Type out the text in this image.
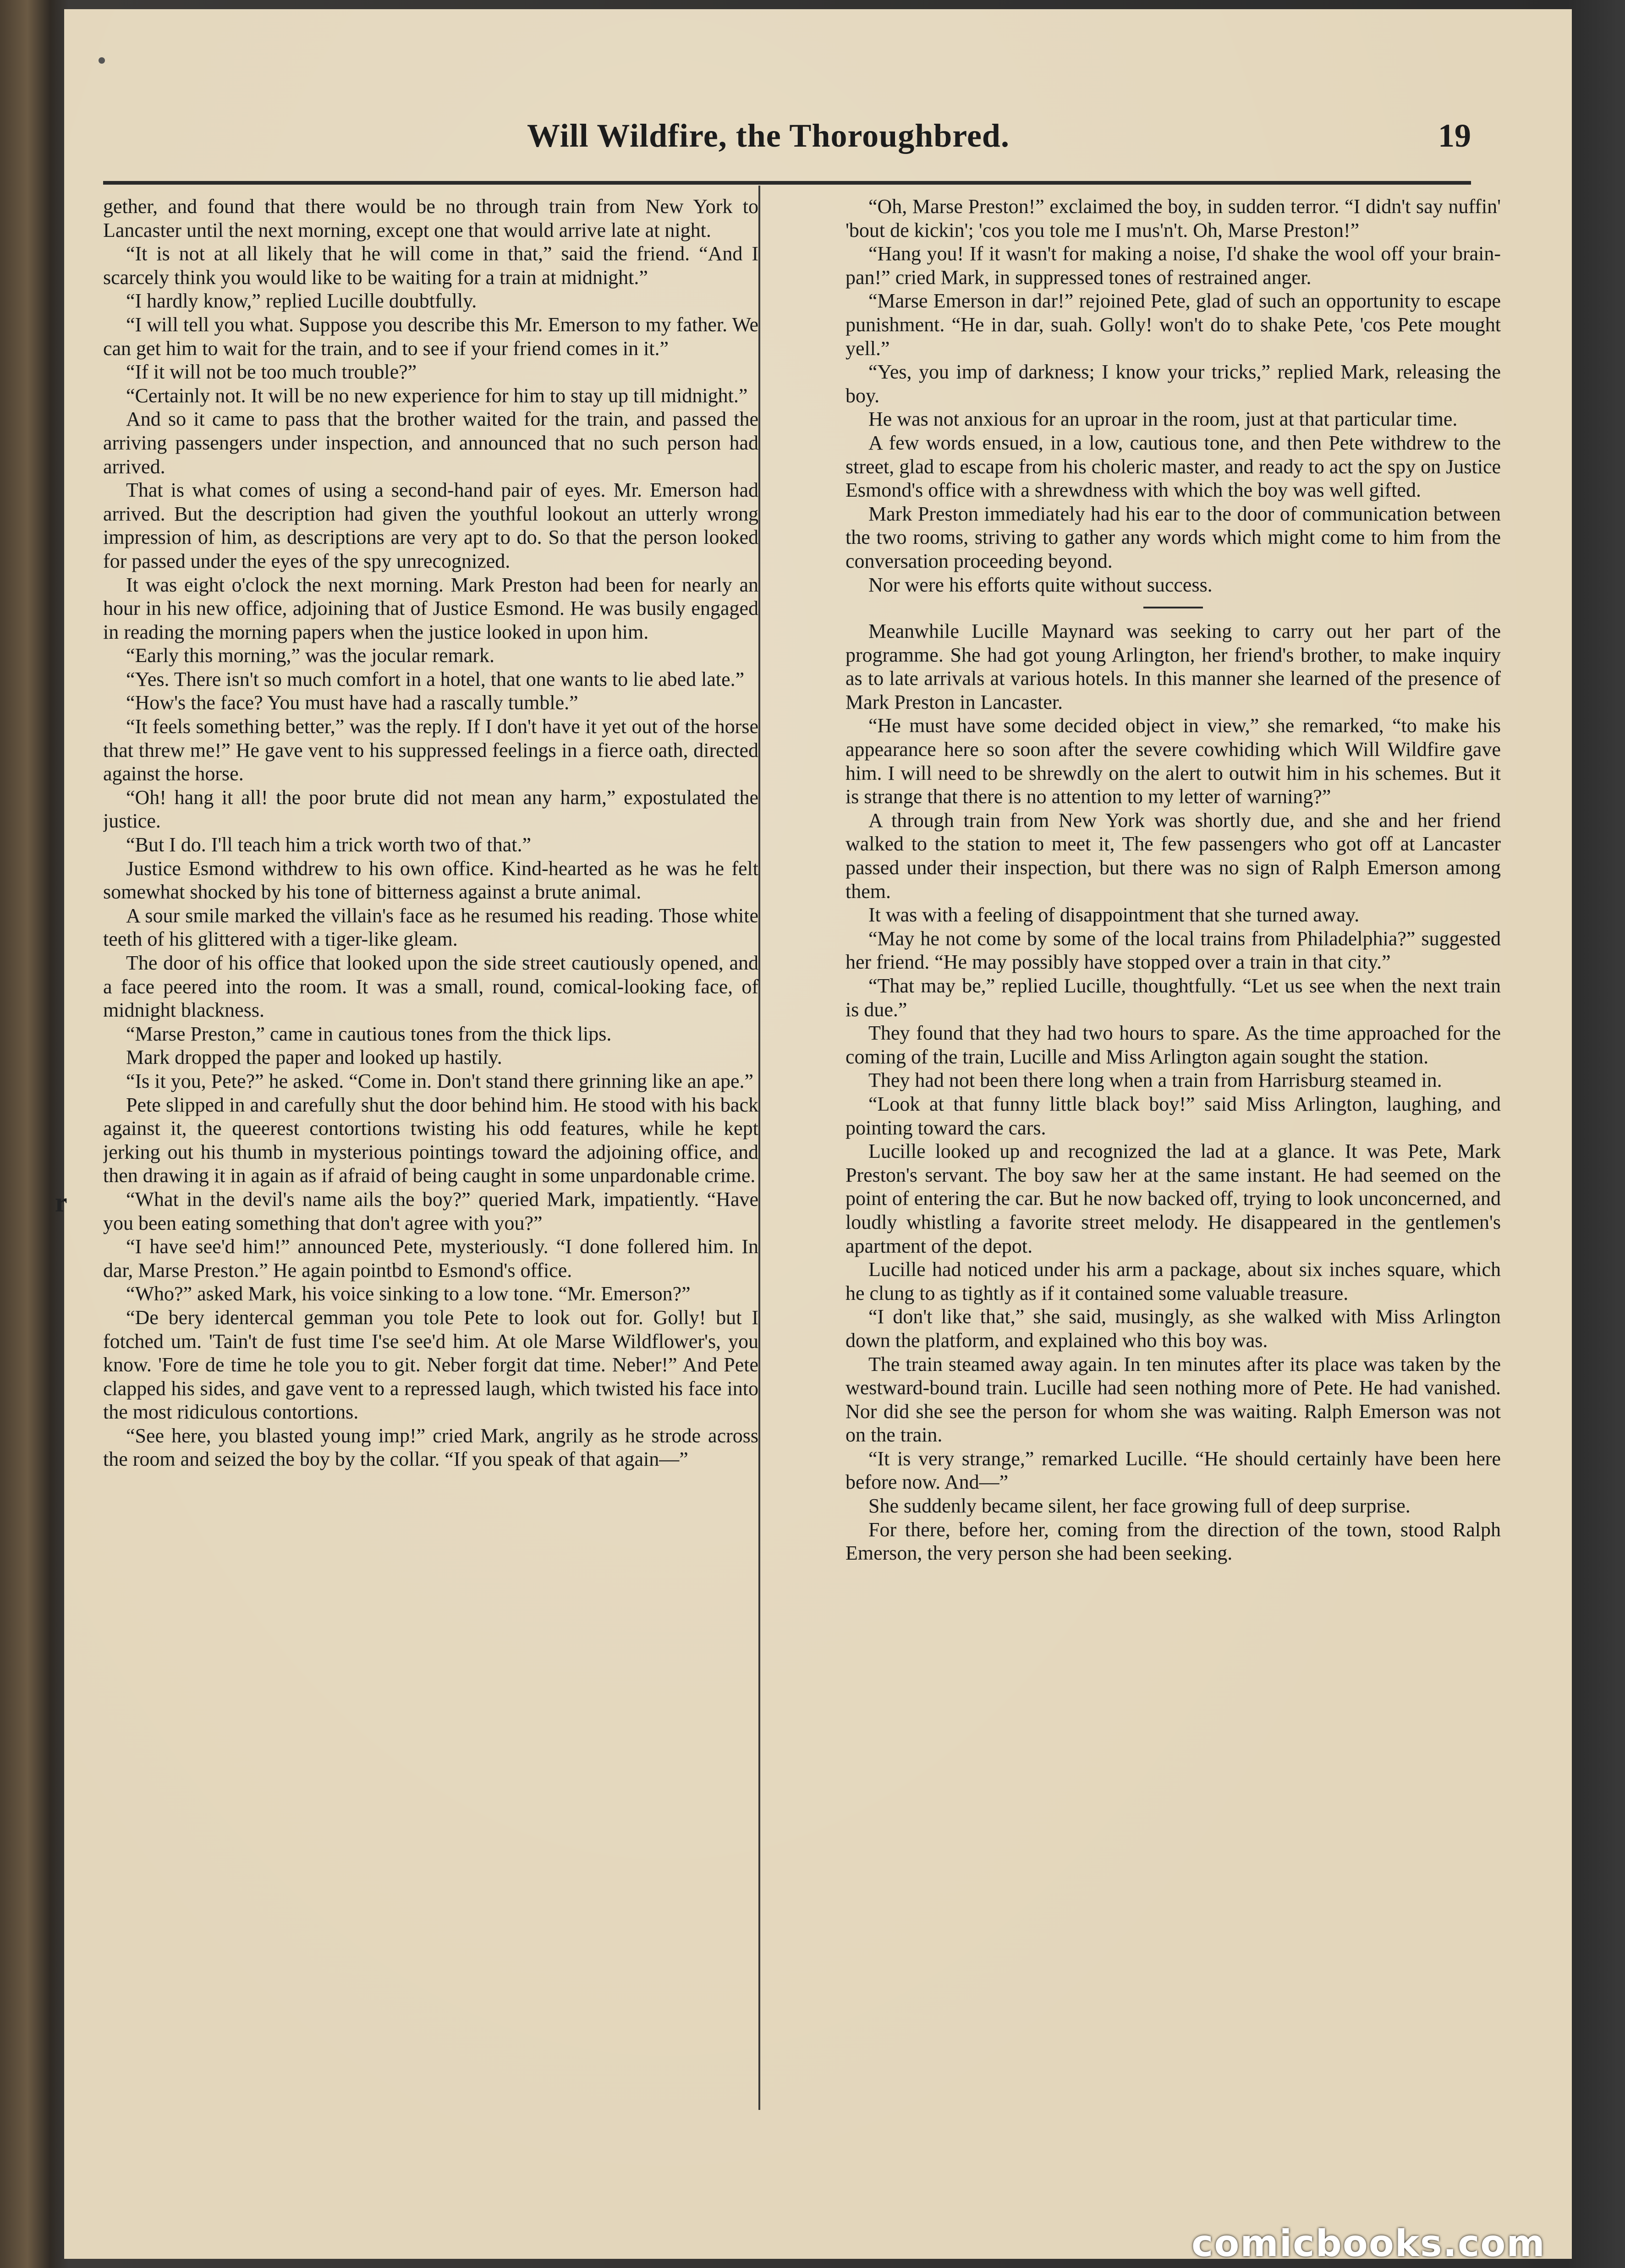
r
Will Wildfire, the Thoroughbred.	19

gether, and found that there would be no through train from New York to Lancaster until the next morning, except one that would arrive late at night.

“It is not at all likely that he will come in that,” said the friend. “And I scarcely think you would like to be waiting for a train at midnight.”

“I hardly know,” replied Lucille doubtfully.

“I will tell you what. Suppose you describe this Mr. Emerson to my father. We can get him to wait for the train, and to see if your friend comes in it.”

“If it will not be too much trouble?”

“Certainly not. It will be no new experience for him to stay up till midnight.”

And so it came to pass that the brother waited for the train, and passed the arriving passengers under inspection, and announced that no such person had arrived.

That is what comes of using a second-hand pair of eyes. Mr. Emerson had arrived. But the description had given the youthful lookout an utterly wrong impression of him, as descriptions are very apt to do. So that the person looked for passed under the eyes of the spy unrecognized.

It was eight o'clock the next morning. Mark Preston had been for nearly an hour in his new office, adjoining that of Justice Esmond. He was busily engaged in reading the morning papers when the justice looked in upon him.

“Early this morning,” was the jocular remark.

“Yes. There isn't so much comfort in a hotel, that one wants to lie abed late.”

“How's the face? You must have had a rascally tumble.”

“It feels something better,” was the reply. If I don't have it yet out of the horse that threw me!” He gave vent to his suppressed feelings in a fierce oath, directed against the horse.

“Oh! hang it all! the poor brute did not mean any harm,” expostulated the justice.

“But I do. I'll teach him a trick worth two of that.”

Justice Esmond withdrew to his own office. Kind-hearted as he was he felt somewhat shocked by his tone of bitterness against a brute animal.

A sour smile marked the villain's face as he resumed his reading. Those white teeth of his glittered with a tiger-like gleam.

The door of his office that looked upon the side street cautiously opened, and a face peered into the room. It was a small, round, comical-looking face, of midnight blackness.

“Marse Preston,” came in cautious tones from the thick lips.

Mark dropped the paper and looked up hastily.

“Is it you, Pete?” he asked. “Come in. Don't stand there grinning like an ape.”

Pete slipped in and carefully shut the door behind him. He stood with his back against it, the queerest contortions twisting his odd features, while he kept jerking out his thumb in mysterious pointings toward the adjoining office, and then drawing it in again as if afraid of being caught in some unpardonable crime.

“What in the devil's name ails the boy?” queried Mark, impatiently. “Have you been eating something that don't agree with you?”

“I have see'd him!” announced Pete, mysteriously. “I done follered him. In dar, Marse Preston.” He again pointbd to Esmond's office.

“Who?” asked Mark, his voice sinking to a low tone. “Mr. Emerson?”

“De bery identercal gemman you tole Pete to look out for. Golly! but I fotched um. 'Tain't de fust time I'se see'd him. At ole Marse Wildflower's, you know. 'Fore de time he tole you to git. Neber forgit dat time. Neber!” And Pete clapped his sides, and gave vent to a repressed laugh, which twisted his face into the most ridiculous contortions.

“See here, you blasted young imp!” cried Mark, angrily as he strode across the room and seized the boy by the collar. “If you speak of that again—”

“Oh, Marse Preston!” exclaimed the boy, in sudden terror. “I didn't say nuffin' 'bout de kickin'; 'cos you tole me I mus'n't. Oh, Marse Preston!”

“Hang you! If it wasn't for making a noise, I'd shake the wool off your brain-pan!” cried Mark, in suppressed tones of restrained anger.

“Marse Emerson in dar!” rejoined Pete, glad of such an opportunity to escape punishment. “He in dar, suah. Golly! won't do to shake Pete, 'cos Pete mought yell.”

“Yes, you imp of darkness; I know your tricks,” replied Mark, releasing the boy.

He was not anxious for an uproar in the room, just at that particular time.

A few words ensued, in a low, cautious tone, and then Pete withdrew to the street, glad to escape from his choleric master, and ready to act the spy on Justice Esmond's office with a shrewdness with which the boy was well gifted.

Mark Preston immediately had his ear to the door of communication between the two rooms, striving to gather any words which might come to him from the conversation proceeding beyond.

Nor were his efforts quite without success.

Meanwhile Lucille Maynard was seeking to carry out her part of the programme. She had got young Arlington, her friend's brother, to make inquiry as to late arrivals at various hotels. In this manner she learned of the presence of Mark Preston in Lancaster.

“He must have some decided object in view,” she remarked, “to make his appearance here so soon after the severe cowhiding which Will Wildfire gave him. I will need to be shrewdly on the alert to outwit him in his schemes. But it is strange that there is no attention to my letter of warning?”

A through train from New York was shortly due, and she and her friend walked to the station to meet it, The few passengers who got off at Lancaster passed under their inspection, but there was no sign of Ralph Emerson among them.

It was with a feeling of disappointment that she turned away.

“May he not come by some of the local trains from Philadelphia?” suggested her friend. “He may possibly have stopped over a train in that city.”

“That may be,” replied Lucille, thoughtfully. “Let us see when the next train is due.”

They found that they had two hours to spare. As the time approached for the coming of the train, Lucille and Miss Arlington again sought the station.

They had not been there long when a train from Harrisburg steamed in.

“Look at that funny little black boy!” said Miss Arlington, laughing, and pointing toward the cars.

Lucille looked up and recognized the lad at a glance. It was Pete, Mark Preston's servant. The boy saw her at the same instant. He had seemed on the point of entering the car. But he now backed off, trying to look unconcerned, and loudly whistling a favorite street melody. He disappeared in the gentlemen's apartment of the depot.

Lucille had noticed under his arm a package, about six inches square, which he clung to as tightly as if it contained some valuable treasure.

“I don't like that,” she said, musingly, as she walked with Miss Arlington down the platform, and explained who this boy was.

The train steamed away again. In ten minutes after its place was taken by the westward-bound train. Lucille had seen nothing more of Pete. He had vanished. Nor did she see the person for whom she was waiting. Ralph Emerson was not on the train.

“It is very strange,” remarked Lucille. “He should certainly have been here before now. And—”

She suddenly became silent, her face growing full of deep surprise.

For there, before her, coming from the direction of the town, stood Ralph Emerson, the very person she had been seeking.

comicbooks.com
